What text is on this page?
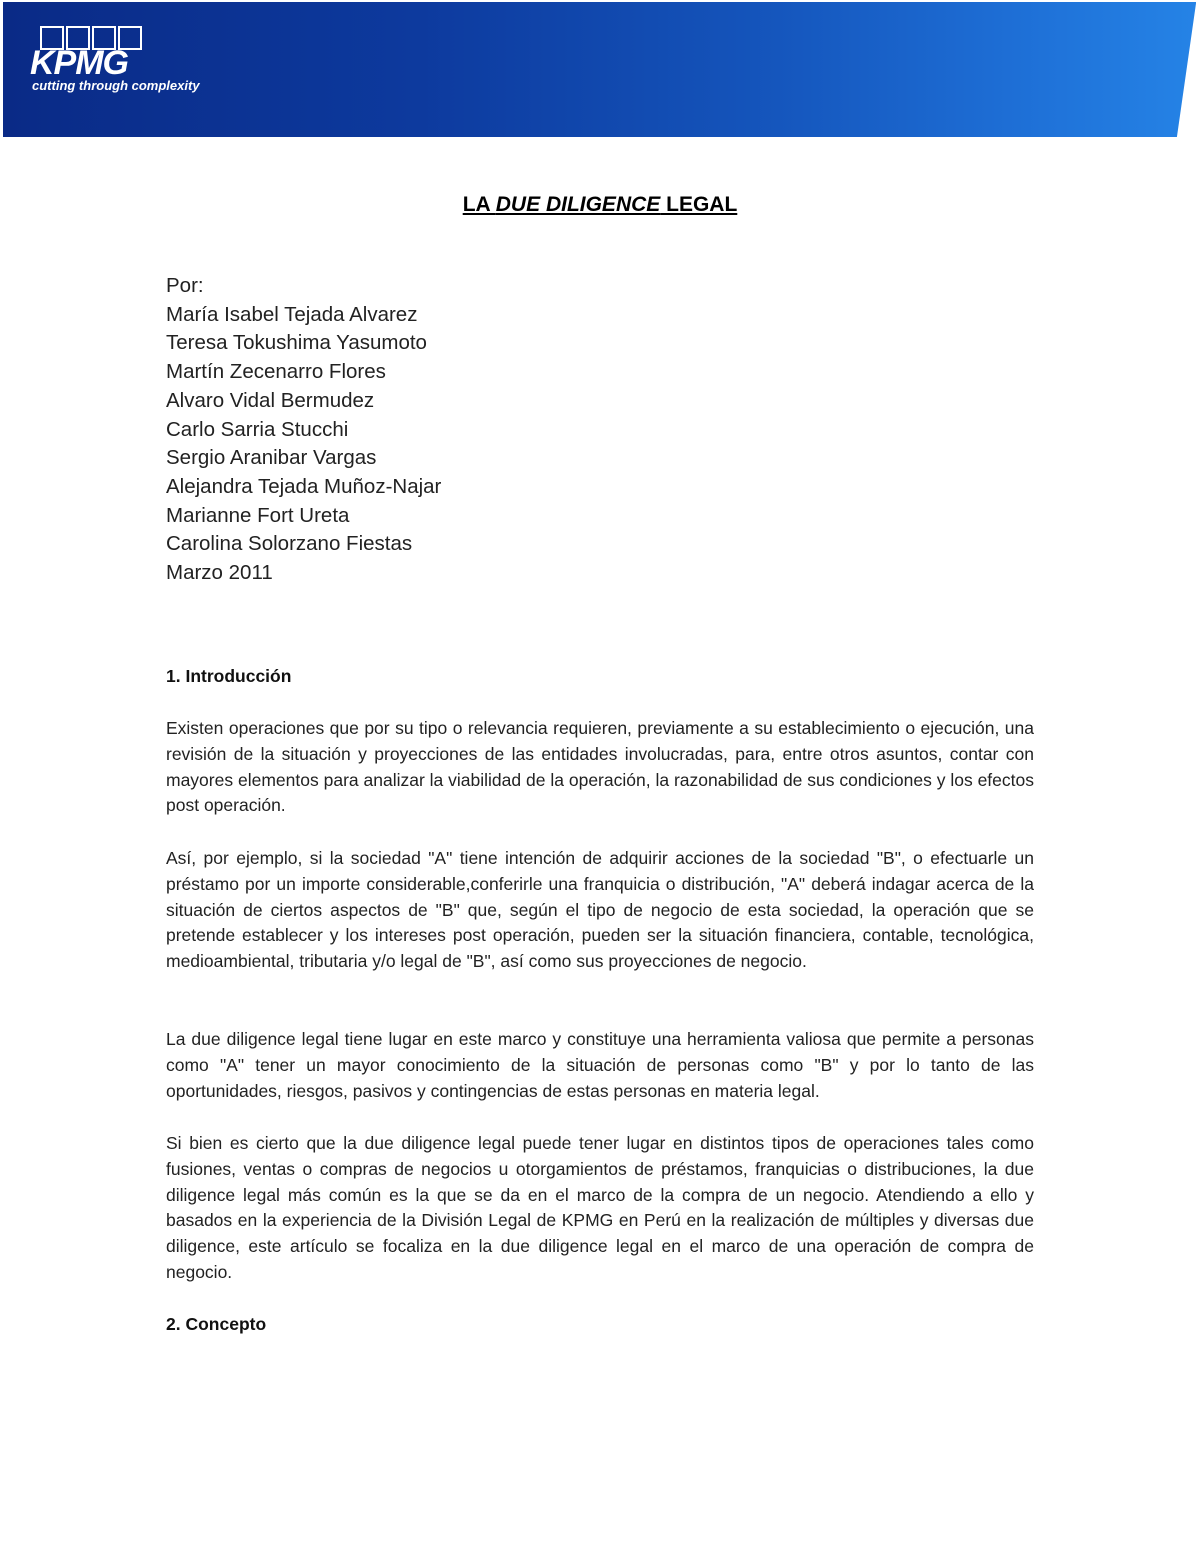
KPMG
cutting through complexity
LA DUE DILIGENCE LEGAL
Por:
María Isabel Tejada Alvarez
Teresa Tokushima Yasumoto
Martín Zecenarro Flores
Alvaro Vidal Bermudez
Carlo Sarria Stucchi
Sergio Aranibar Vargas
Alejandra Tejada Muñoz-Najar
Marianne Fort Ureta
Carolina Solorzano Fiestas
Marzo 2011
1. Introducción
Existen operaciones que por su tipo o relevancia requieren, previamente a su establecimiento o ejecución, una revisión de la situación y proyecciones de las entidades involucradas, para, entre otros asuntos, contar con mayores elementos para analizar la viabilidad de la operación, la razonabilidad de sus condiciones y los efectos post operación.
Así, por ejemplo, si la sociedad "A" tiene intención de adquirir acciones de la sociedad "B", o efectuarle un préstamo por un importe considerable,conferirle una franquicia o distribución, "A" deberá indagar acerca de la situación de ciertos aspectos de "B" que, según el tipo de negocio de esta sociedad, la operación que se pretende establecer y los intereses post operación, pueden ser la situación financiera, contable, tecnológica, medioambiental, tributaria y/o legal de "B", así como sus proyecciones de negocio.
La due diligence legal tiene lugar en este marco y constituye una herramienta valiosa que permite a personas como "A" tener un mayor conocimiento de la situación de personas como "B" y por lo tanto de las oportunidades, riesgos, pasivos y contingencias de estas personas en materia legal.
Si bien es cierto que la due diligence legal puede tener lugar en distintos tipos de operaciones tales como fusiones, ventas o compras de negocios u otorgamientos de préstamos, franquicias o distribuciones, la due diligence legal más común es la que se da en el marco de la compra de un negocio. Atendiendo a ello y basados en la experiencia de la División Legal de KPMG en Perú en la realización de múltiples y diversas due diligence, este artículo se focaliza en la due diligence legal en el marco de una operación de compra de negocio.
2. Concepto
